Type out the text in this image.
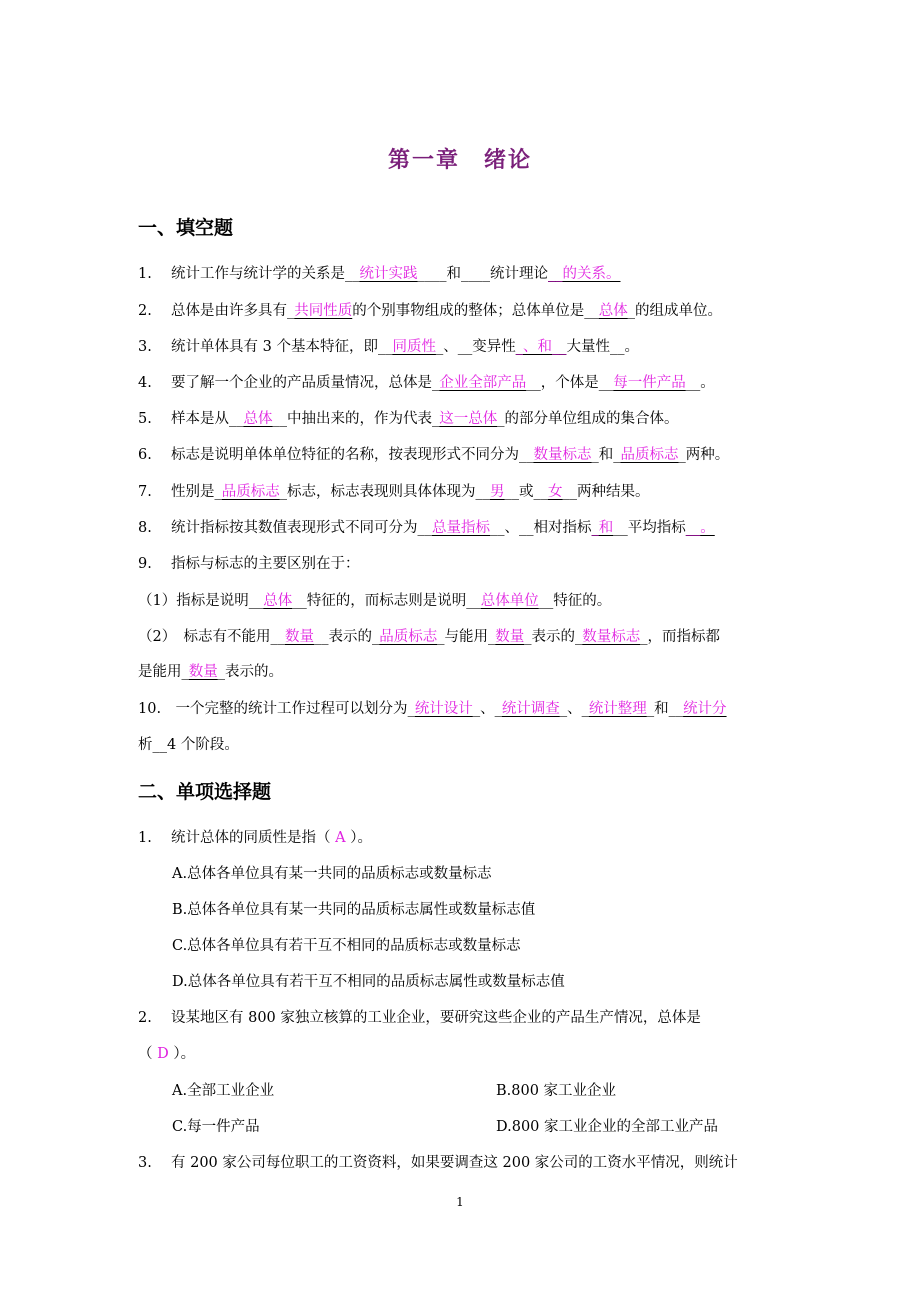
第一章　绪论
一、填空题
1. 统计工作与统计学的关系是__统计实践____和____统计理论__的关系。
2. 总体是由许多具有_共同性质的个别事物组成的整体；总体单位是__总体_的组成单位。
3. 统计单体具有 3 个基本特征，即__同质性_、__变异性_、和__大量性__。
4. 要了解一个企业的产品质量情况，总体是_企业全部产品__，个体是__每一件产品__。
5. 样本是从__总体__中抽出来的，作为代表_这一总体_的部分单位组成的集合体。
6. 标志是说明单体单位特征的名称，按表现形式不同分为__数量标志_和_品质标志_两种。
7. 性别是_品质标志_标志，标志表现则具体体现为__男__或__女__两种结果。
8. 统计指标按其数值表现形式不同可分为__总量指标__、__相对指标_和__平均指标__。
9. 指标与标志的主要区别在于：
（1）指标是说明__总体__特征的，而标志则是说明__总体单位__特征的。
（2）　标志有不能用__数量__表示的_品质标志_与能用_数量_表示的_数量标志_，而指标都
是能用_数量_表示的。
10.　一个完整的统计工作过程可以划分为_统计设计_、_统计调查_、_统计整理_和__统计分
析__4 个阶段。
二、单项选择题
1. 统计总体的同质性是指（ A ）。
A.总体各单位具有某一共同的品质标志或数量标志
B.总体各单位具有某一共同的品质标志属性或数量标志值
C.总体各单位具有若干互不相同的品质标志或数量标志
D.总体各单位具有若干互不相同的品质标志属性或数量标志值
2. 设某地区有 800 家独立核算的工业企业，要研究这些企业的产品生产情况，总体是
（ D ）。
A.全部工业企业	B.800 家工业企业
C.每一件产品	D.800 家工业企业的全部工业产品
3. 有 200 家公司每位职工的工资资料，如果要调查这 200 家公司的工资水平情况，则统计
1
